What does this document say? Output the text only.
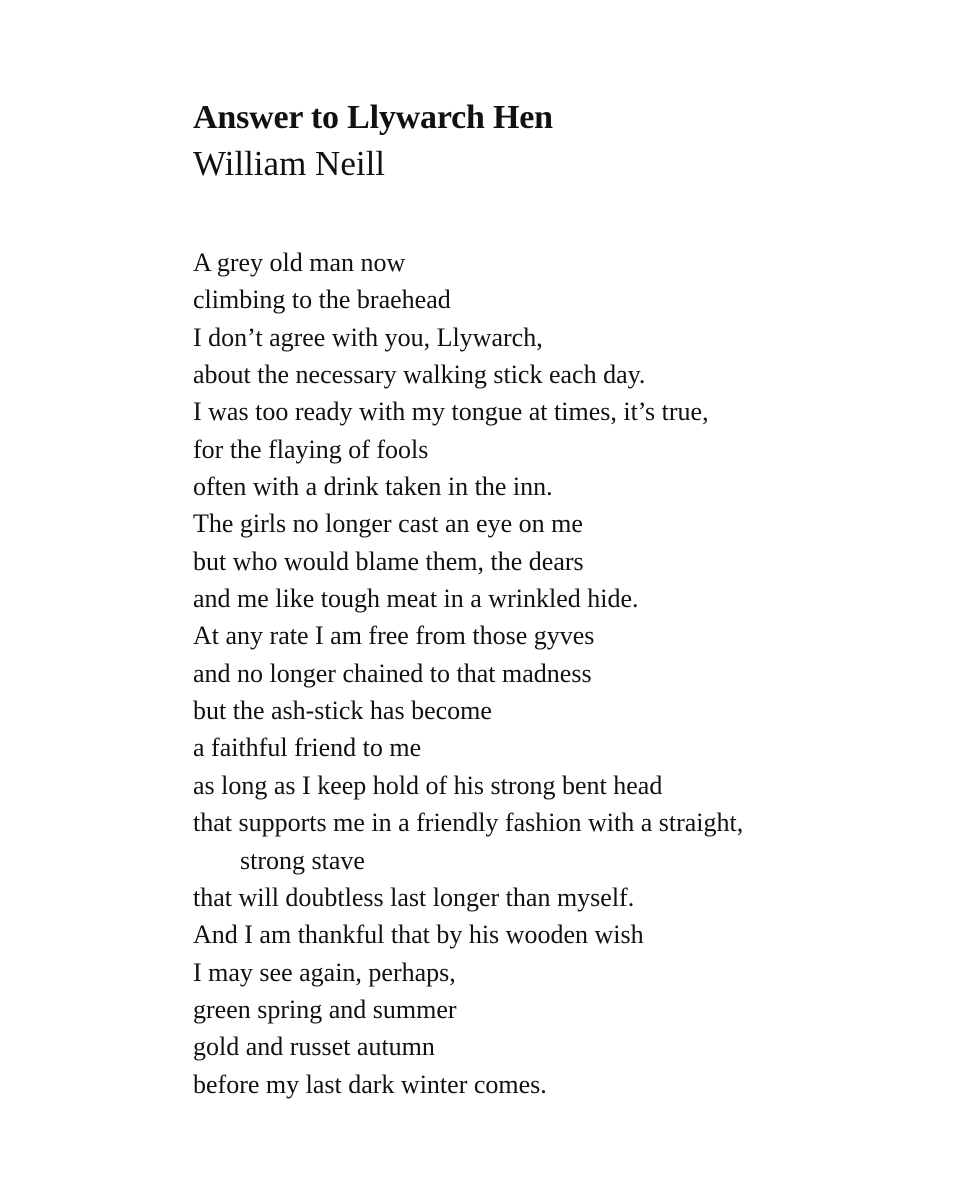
Answer to Llywarch Hen
William Neill
A grey old man now
climbing to the braehead
I don’t agree with you, Llywarch,
about the necessary walking stick each day.
I was too ready with my tongue at times, it’s true,
for the flaying of fools
often with a drink taken in the inn.
The girls no longer cast an eye on me
but who would blame them, the dears
and me like tough meat in a wrinkled hide.
At any rate I am free from those gyves
and no longer chained to that madness
but the ash-stick has become
a faithful friend to me
as long as I keep hold of his strong bent head
that supports me in a friendly fashion with a straight,
strong stave
that will doubtless last longer than myself.
And I am thankful that by his wooden wish
I may see again, perhaps,
green spring and summer
gold and russet autumn
before my last dark winter comes.
